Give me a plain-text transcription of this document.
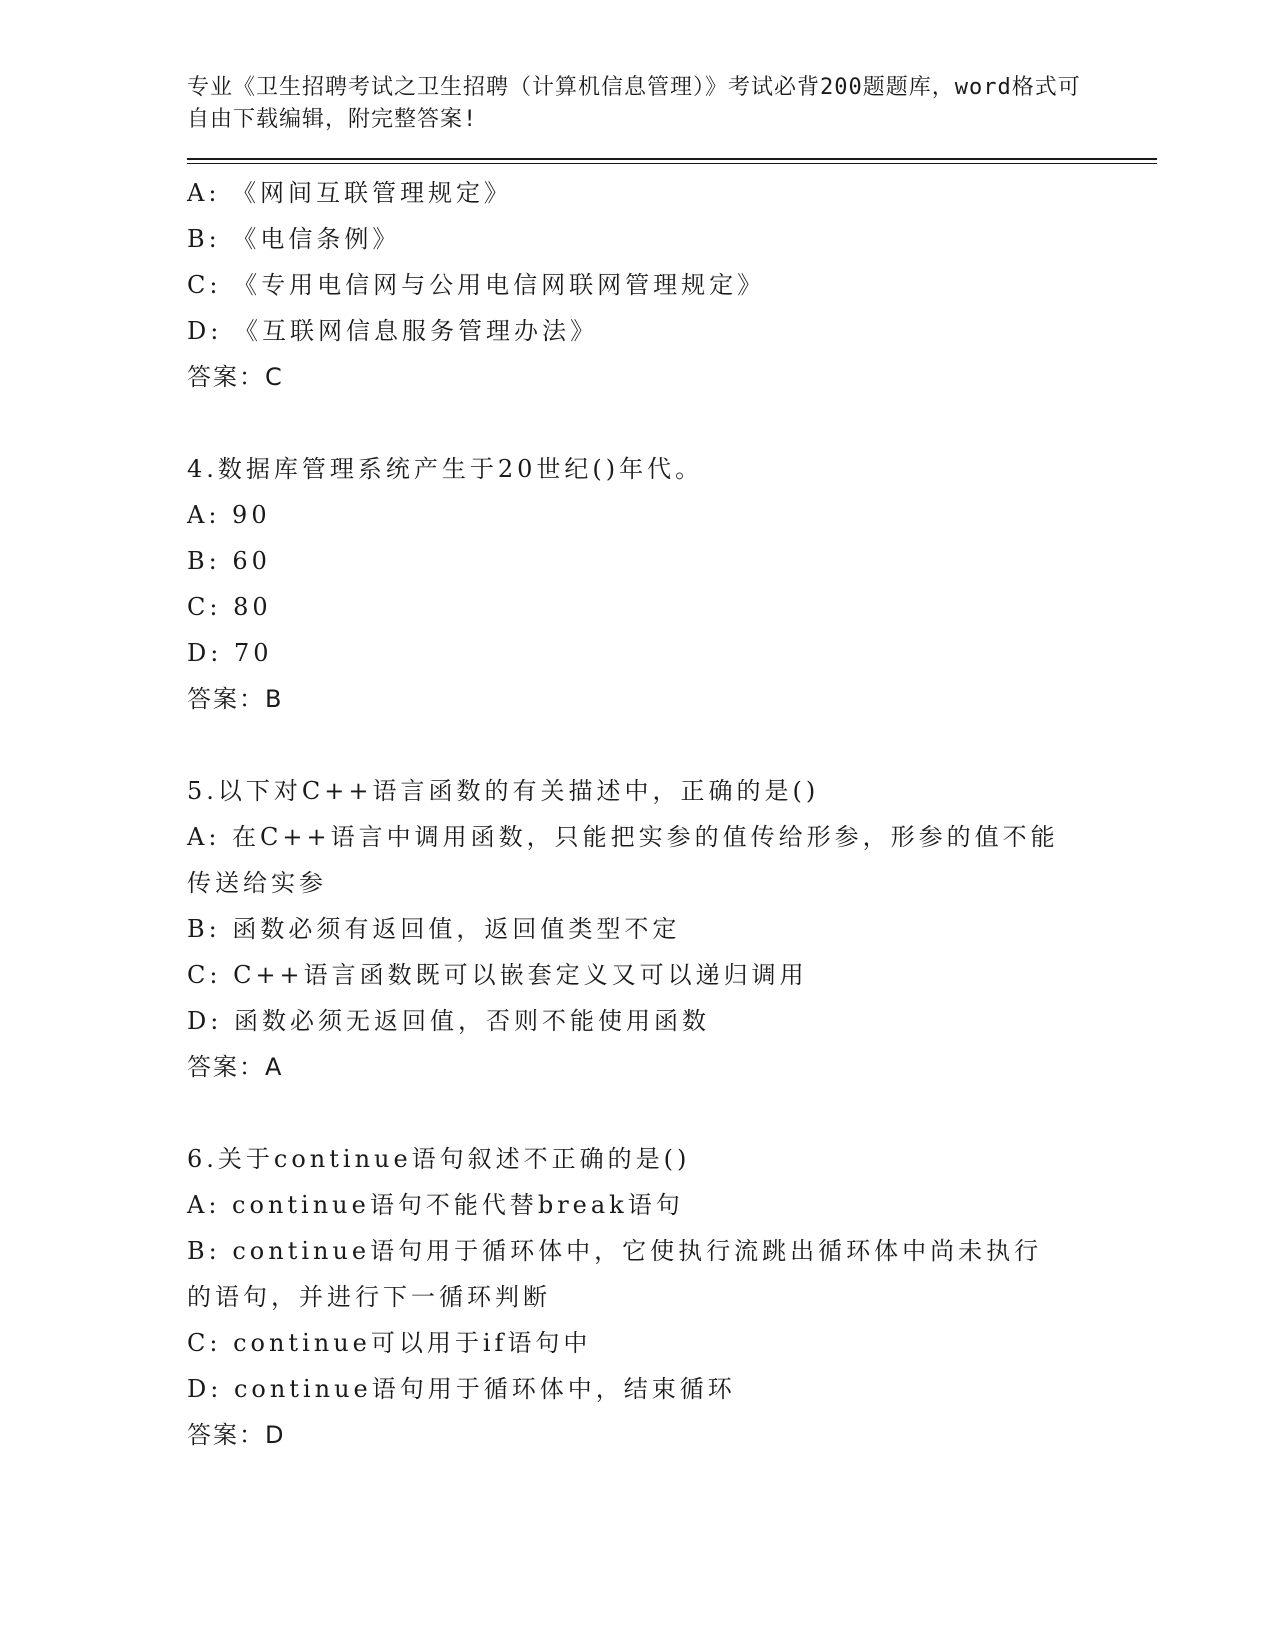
专业《卫生招聘考试之卫生招聘（计算机信息管理）》考试必背200题题库，word格式可自由下载编辑，附完整答案!
A: 《网间互联管理规定》
B: 《电信条例》
C: 《专用电信网与公用电信网联网管理规定》
D: 《互联网信息服务管理办法》
答案：C
4.数据库管理系统产生于20世纪()年代。
A: 90
B: 60
C: 80
D: 70
答案：B
5.以下对C++语言函数的有关描述中，正确的是()
A: 在C++语言中调用函数，只能把实参的值传给形参，形参的值不能传送给实参
B: 函数必须有返回值，返回值类型不定
C: C++语言函数既可以嵌套定义又可以递归调用
D: 函数必须无返回值，否则不能使用函数
答案：A
6.关于continue语句叙述不正确的是()
A: continue语句不能代替break语句
B: continue语句用于循环体中，它使执行流跳出循环体中尚未执行的语句，并进行下一循环判断
C: continue可以用于if语句中
D: continue语句用于循环体中，结束循环
答案：D
